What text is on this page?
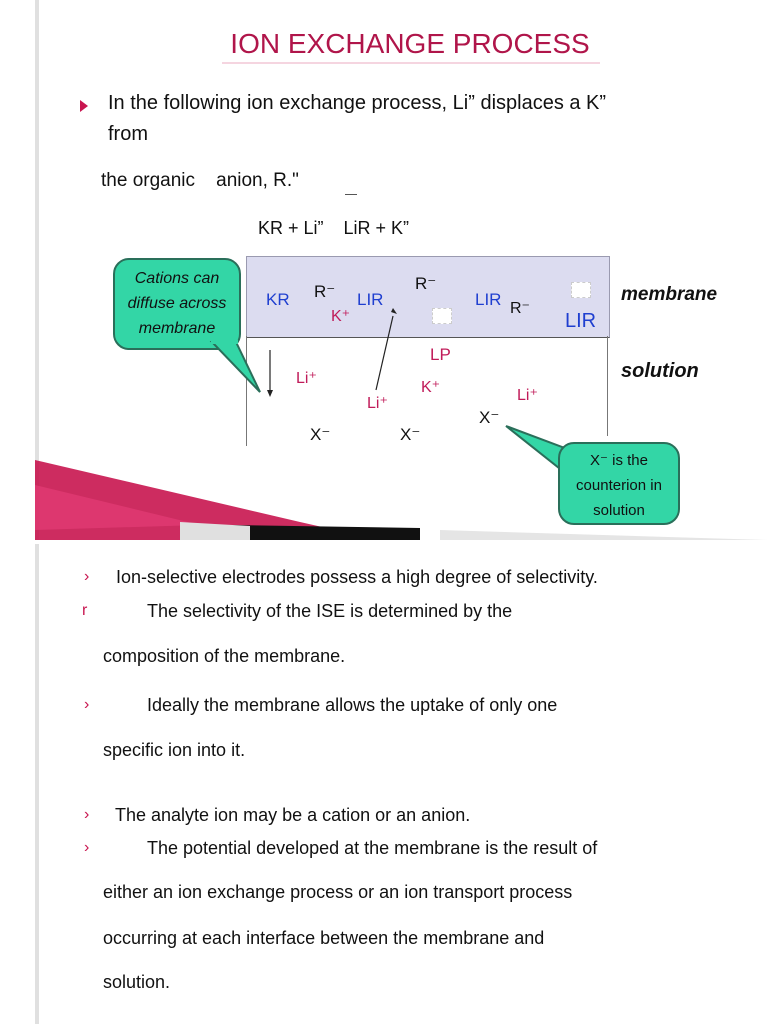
ION EXCHANGE PROCESS
In the following ion exchange process, Li” displaces a K”
from
the organic    anion, R."
KR + Li”    LiR + K”
Cations can
diffuse across
membrane
X⁻ is the
counterion in
solution
membrane
solution
KR R⁻
K⁺
LIR
R⁻
LIR R⁻
LIR
LP
Li⁺
K⁺
Li⁺	Li⁺
X⁻	X⁻
X⁻
› Ion-selective electrodes possess a high degree of selectivity.
r	The selectivity of the ISE is determined by the
composition of the membrane.
›	Ideally the membrane allows the uptake of only one
specific ion into it.
› The analyte ion may be a cation or an anion.
›	The potential developed at the membrane is the result of
either an ion exchange process or an ion transport process
occurring at each interface between the membrane and
solution.
